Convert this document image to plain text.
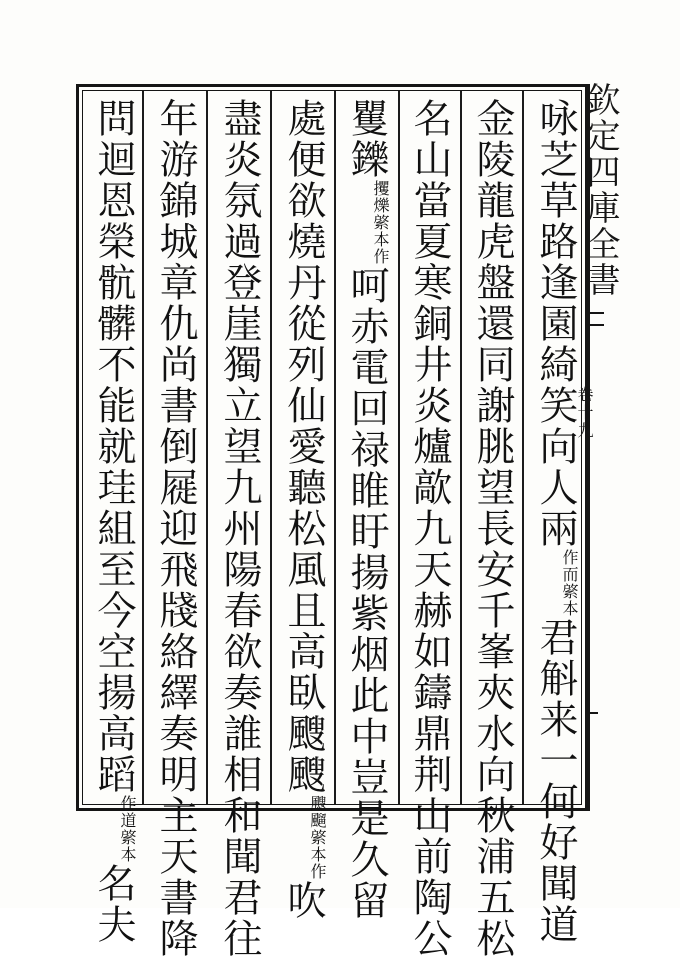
欽定四庫全書
卷十九
咏芝草路逢園綺笑向人兩
綮本
作而
君斛来一何好聞道
金陵龍虎盤還同謝朓望長安千峯夾水向秋浦五松
名山當夏寒銅井炎爐歊九天赫如鑄鼎荆山前陶公
矍鑠
綮本作
攫爍
呵赤電回禄睢盱揚紫烟此中豈是久留
處便欲燒丹從列仙愛聽松風且高臥颼颼
綮本作
颼飀
吹
盡炎氛過登崖獨立望九州陽春欲奏誰相和聞君往
年游錦城章仇尚書倒屣迎飛牋絡繹奏明主天書降
問迴恩榮骯髒不能就珪組至今空揚高蹈
綮本
作道
名夫
